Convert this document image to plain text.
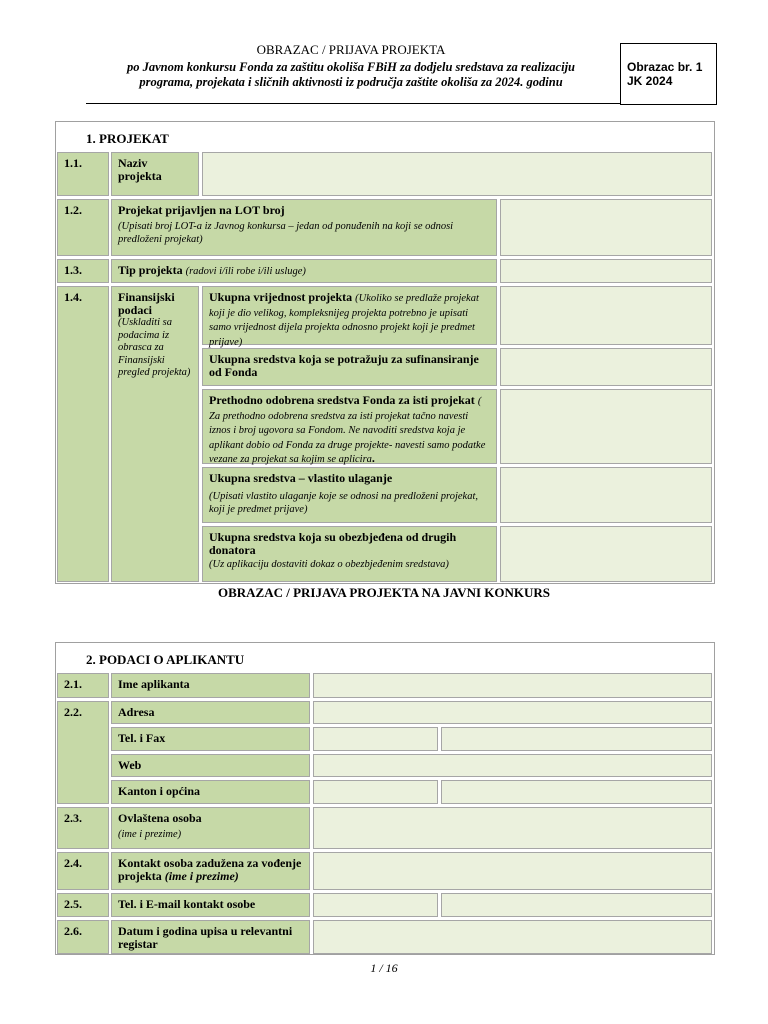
OBRAZAC / PRIJAVA PROJEKTA
po Javnom konkursu Fonda za zaštitu okoliša FBiH za dodjelu sredstava za realizaciju
programa, projekata i sličnih aktivnosti iz područja zaštite okoliša za 2024. godinu
Obrazac br. 1
JK 2024
1. PROJEKAT
1.1.	Naziv projekta
1.2.	Projekat prijavljen na LOT broj
(Upisati broj LOT-a iz Javnog konkursa – jedan od ponuđenih na koji se odnosi predloženi projekat)
1.3.	Tip projekta (radovi i/ili robe i/ili usluge)
1.4.	Finansijski podaci
(Uskladiti sa podacima iz obrasca za Finansijski pregled projekta)
Ukupna vrijednost projekta (Ukoliko se predlaže projekat koji je dio velikog, kompleksnijeg projekta potrebno je upisati samo vrijednost dijela projekta odnosno projekt koji je predmet prijave)
Ukupna sredstva koja se potražuju za sufinansiranje od Fonda
Prethodno odobrena sredstva Fonda za isti projekat ( Za prethodno odobrena sredstva za isti projekat tačno navesti iznos i broj ugovora sa Fondom. Ne navoditi sredstva koja je aplikant dobio od Fonda za druge projekte- navesti samo podatke vezane za projekat sa kojim se aplicira.
Ukupna sredstva – vlastito ulaganje
(Upisati vlastito ulaganje koje se odnosi na predloženi projekat, koji je predmet prijave)
Ukupna sredstva koja su obezbjeđena od drugih donatora
(Uz aplikaciju dostaviti dokaz o obezbjeđenim sredstava)
OBRAZAC / PRIJAVA PROJEKTA NA JAVNI KONKURS
2. PODACI O APLIKANTU
2.1.	Ime aplikanta
2.2.	Adresa
Tel. i Fax
Web
Kanton i općina
2.3.	Ovlaštena osoba
(ime i prezime)
2.4.	Kontakt osoba zadužena za vođenje projekta (ime i prezime)
2.5.	Tel. i E-mail kontakt osobe
2.6.	Datum i godina upisa u relevantni registar
1 / 16
